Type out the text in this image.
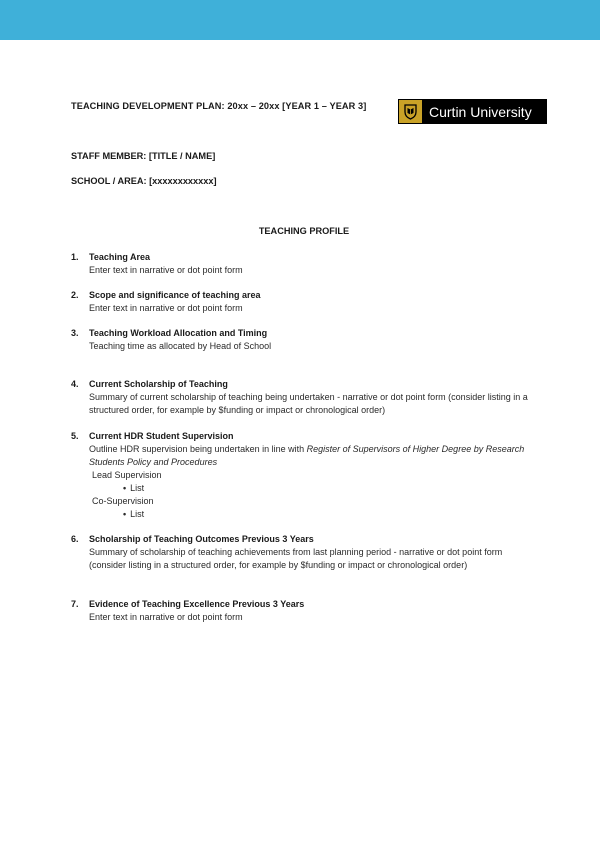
TEACHING DEVELOPMENT PLAN: 20xx – 20xx [YEAR 1 – YEAR 3]	Curtin University
STAFF MEMBER: [TITLE / NAME]
SCHOOL / AREA: [xxxxxxxxxxxx]
TEACHING PROFILE
1. Teaching Area
Enter text in narrative or dot point form
2. Scope and significance of teaching area
Enter text in narrative or dot point form
3. Teaching Workload Allocation and Timing
Teaching time as allocated by Head of School
4. Current Scholarship of Teaching
Summary of current scholarship of teaching being undertaken - narrative or dot point form (consider listing in a structured order, for example by $funding or impact or chronological order)
5. Current HDR Student Supervision
Outline HDR supervision being undertaken in line with Register of Supervisors of Higher Degree by Research Students Policy and Procedures
Lead Supervision
• List
Co-Supervision
• List
6. Scholarship of Teaching Outcomes Previous 3 Years
Summary of scholarship of teaching achievements from last planning period - narrative or dot point form (consider listing in a structured order, for example by $funding or impact or chronological order)
7. Evidence of Teaching Excellence Previous 3 Years
Enter text in narrative or dot point form
